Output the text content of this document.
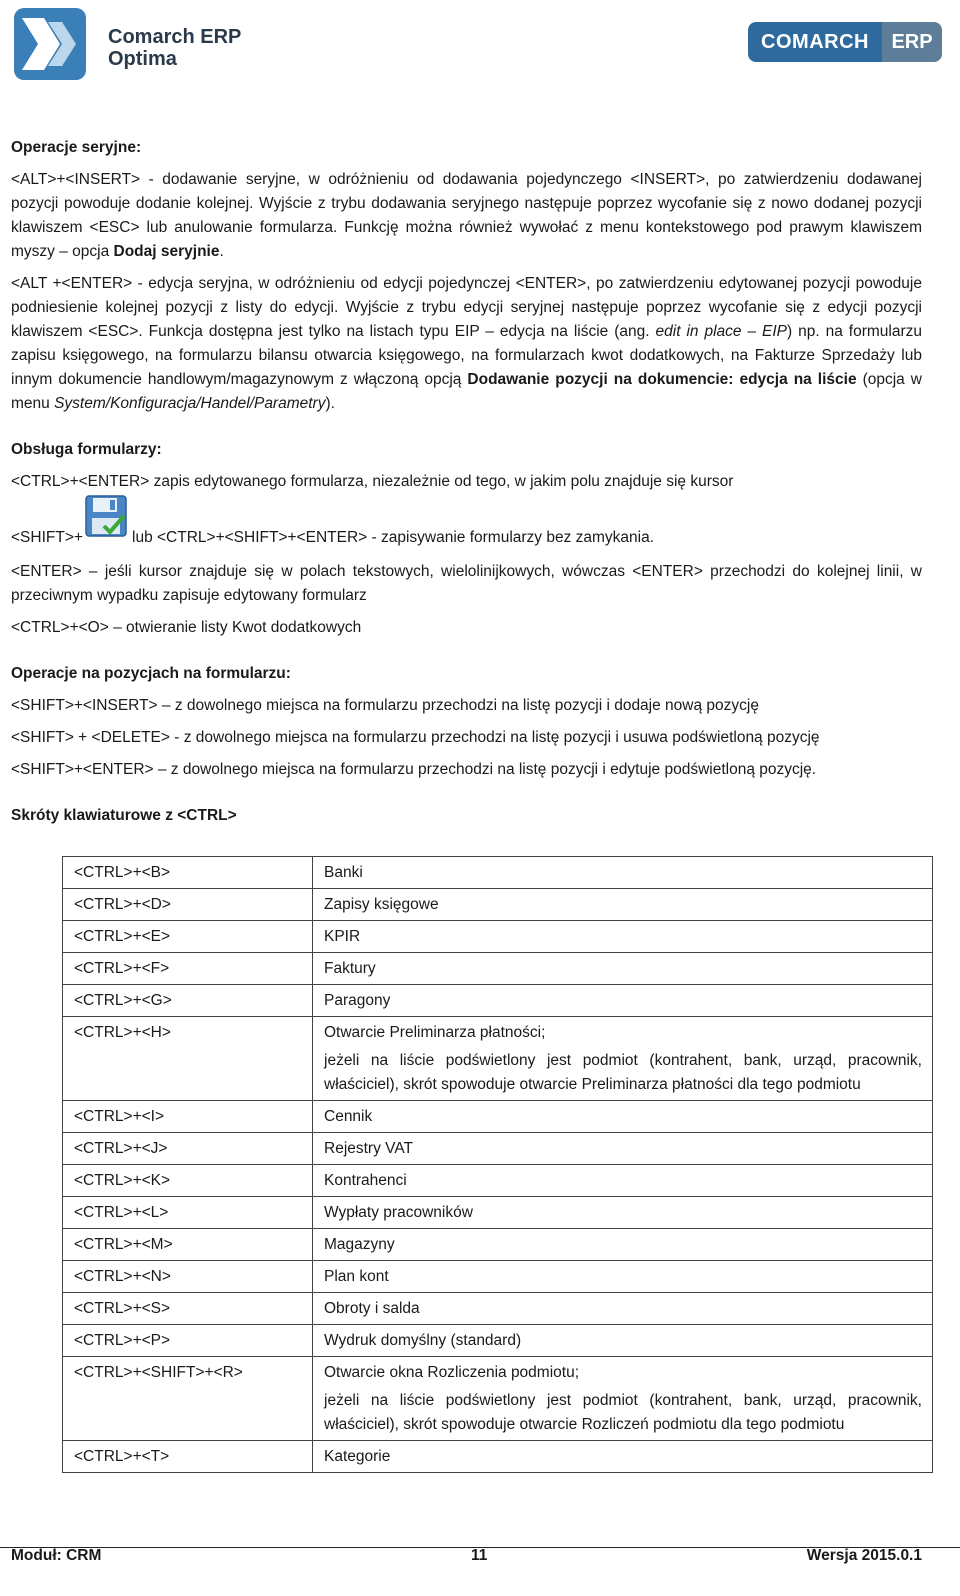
Comarch ERP
Optima
COMARCH	ERP

Operacje seryjne:

<ALT>+<INSERT> - dodawanie seryjne, w odróżnieniu od dodawania pojedynczego <INSERT>, po zatwierdzeniu dodawanej pozycji powoduje dodanie kolejnej. Wyjście z trybu dodawania seryjnego następuje poprzez wycofanie się z nowo dodanej pozycji klawiszem <ESC> lub anulowanie formularza. Funkcję można również wywołać z menu kontekstowego pod prawym klawiszem myszy – opcja Dodaj seryjnie.

<ALT +<ENTER> - edycja seryjna, w odróżnieniu od edycji pojedynczej <ENTER>, po zatwierdzeniu edytowanej pozycji powoduje podniesienie kolejnej pozycji z listy do edycji. Wyjście z trybu edycji seryjnej następuje poprzez wycofanie się z edycji pozycji klawiszem <ESC>. Funkcja dostępna jest tylko na listach typu EIP – edycja na liście (ang. edit in place – EIP) np. na formularzu zapisu księgowego, na formularzu bilansu otwarcia księgowego, na formularzach kwot dodatkowych, na Fakturze Sprzedaży lub innym dokumencie handlowym/magazynowym z włączoną opcją Dodawanie pozycji na dokumencie: edycja na liście (opcja w menu System/Konfiguracja/Handel/Parametry).

Obsługa formularzy:

<CTRL>+<ENTER> zapis edytowanego formularza, niezależnie od tego, w jakim polu znajduje się kursor

<SHIFT>+	lub <CTRL>+<SHIFT>+<ENTER> - zapisywanie formularzy bez zamykania.

<ENTER> – jeśli kursor znajduje się w polach tekstowych, wielolinijkowych, wówczas <ENTER> przechodzi do kolejnej linii, w przeciwnym wypadku zapisuje edytowany formularz

<CTRL>+<O> – otwieranie listy Kwot dodatkowych

Operacje na pozycjach na formularzu:

<SHIFT>+<INSERT> – z dowolnego miejsca na formularzu przechodzi na listę pozycji i dodaje nową pozycję

<SHIFT> + <DELETE> - z dowolnego miejsca na formularzu przechodzi na listę pozycji i usuwa podświetloną pozycję

<SHIFT>+<ENTER> – z dowolnego miejsca na formularzu przechodzi na listę pozycji i edytuje podświetloną pozycję.

Skróty klawiaturowe z <CTRL>

<CTRL>+<B>	Banki

<CTRL>+<D>	Zapisy księgowe

<CTRL>+<E>	KPIR

<CTRL>+<F>	Faktury

<CTRL>+<G>	Paragony

<CTRL>+<H>	Otwarcie Preliminarza płatności;

jeżeli na liście podświetlony jest podmiot (kontrahent, bank, urząd, pracownik, właściciel), skrót spowoduje otwarcie Preliminarza płatności dla tego podmiotu

<CTRL>+<I>	Cennik

<CTRL>+<J>	Rejestry VAT

<CTRL>+<K>	Kontrahenci

<CTRL>+<L>	Wypłaty pracowników

<CTRL>+<M>	Magazyny

<CTRL>+<N>	Plan kont

<CTRL>+<S>	Obroty i salda

<CTRL>+<P>	Wydruk domyślny (standard)

<CTRL>+<SHIFT>+<R>	Otwarcie okna Rozliczenia podmiotu;

jeżeli na liście podświetlony jest podmiot (kontrahent, bank, urząd, pracownik, właściciel), skrót spowoduje otwarcie Rozliczeń podmiotu dla tego podmiotu

<CTRL>+<T>	Kategorie

Moduł: CRM	11	Wersja 2015.0.1
